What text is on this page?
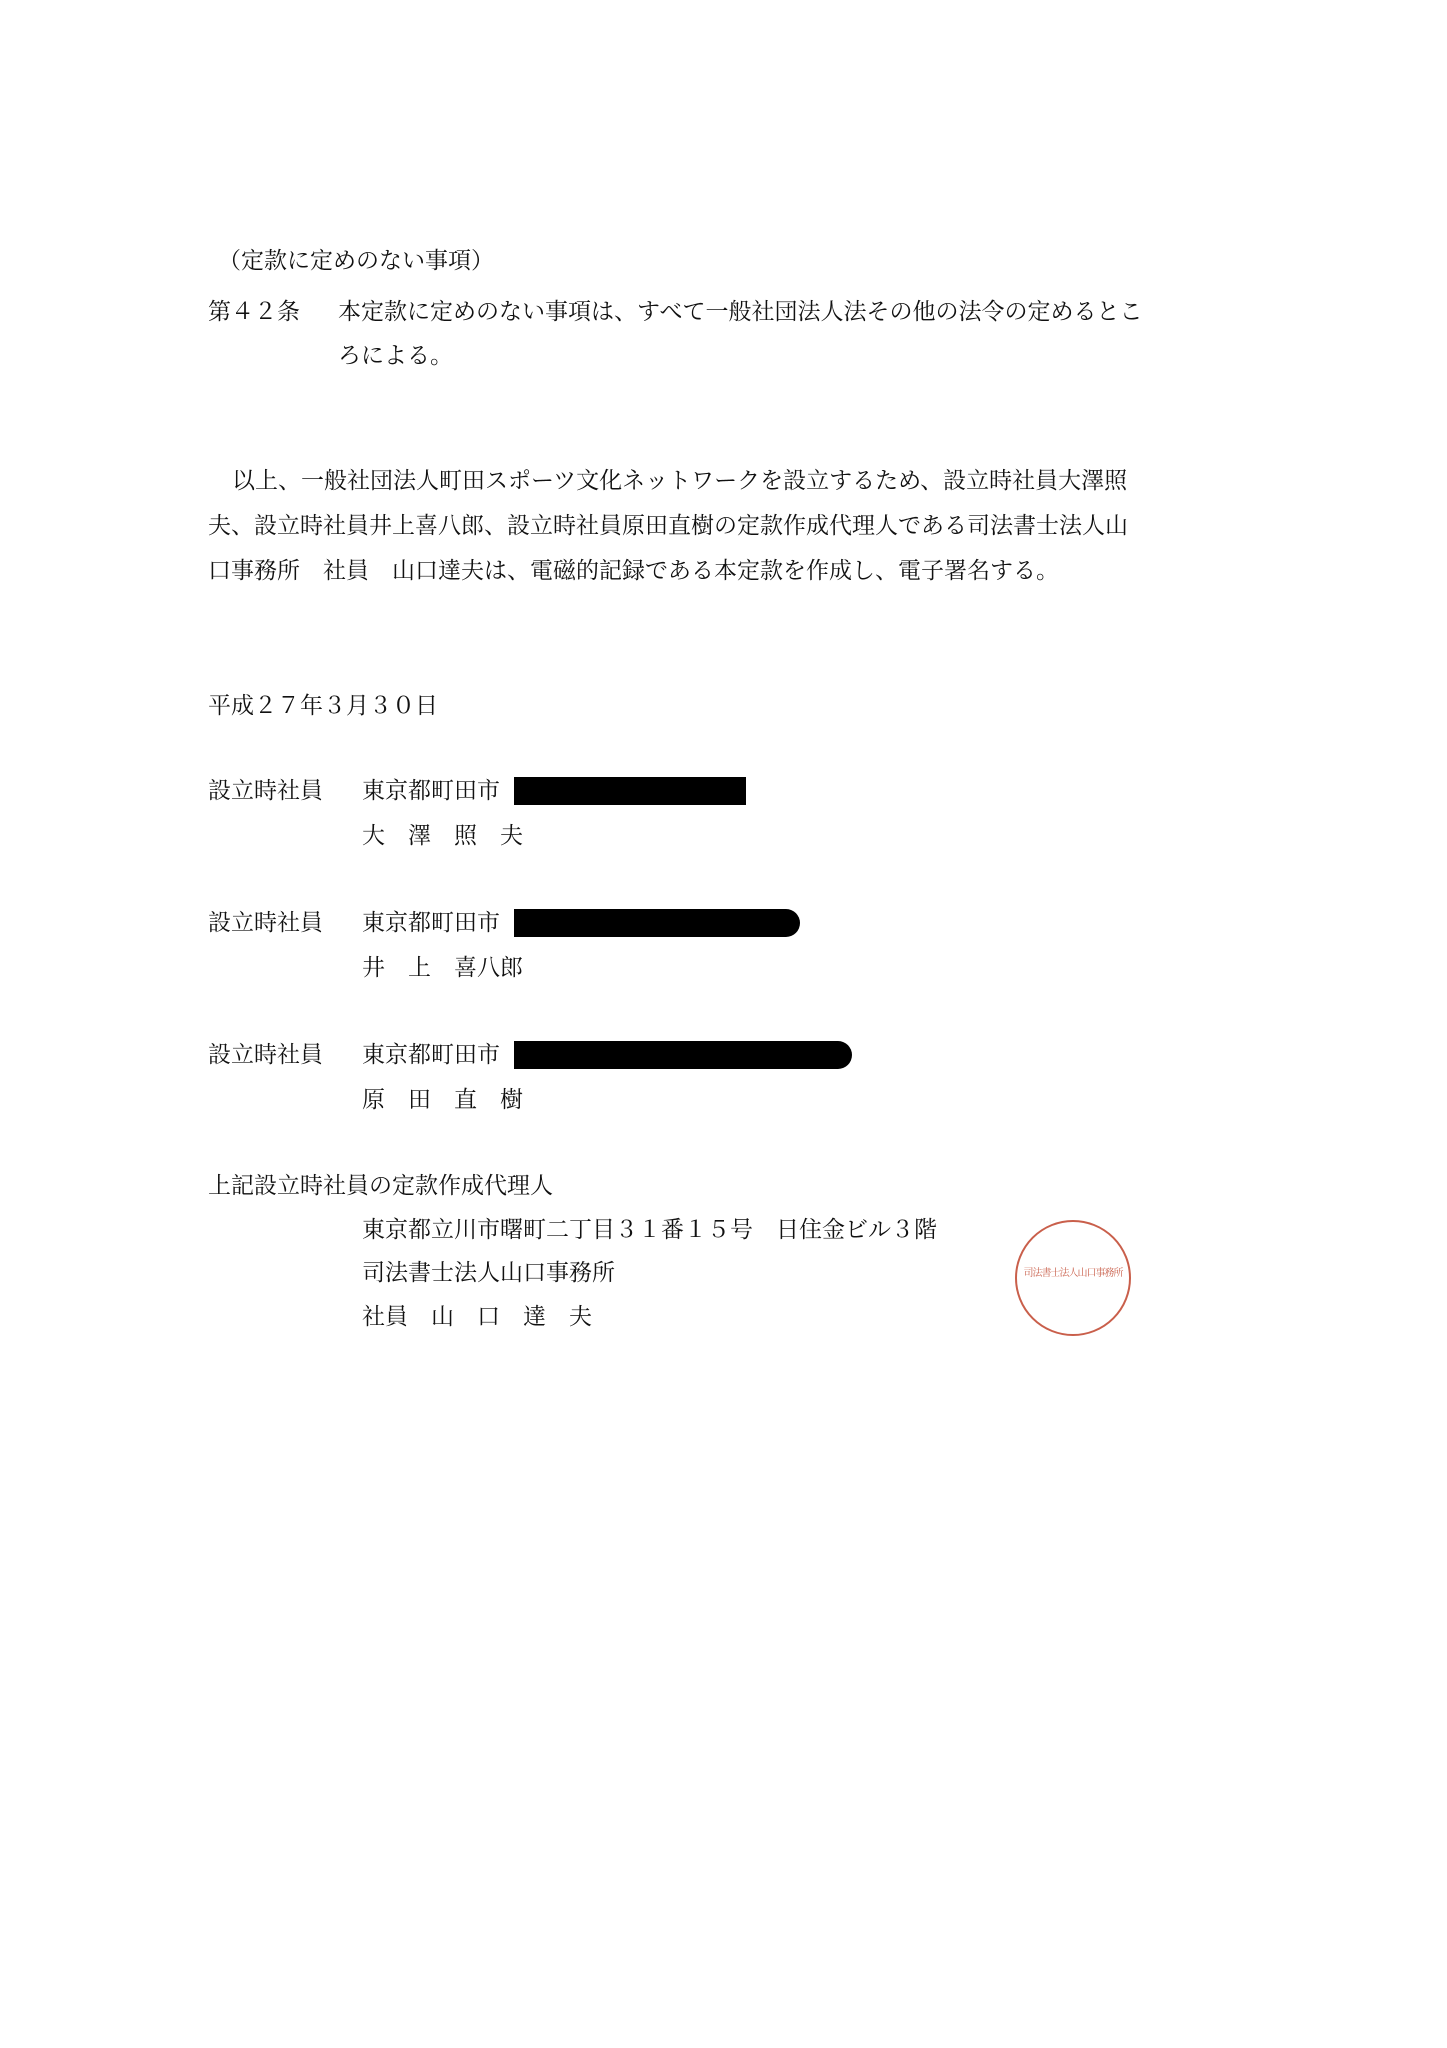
（定款に定めのない事項）
第４２条 本定款に定めのない事項は、すべて一般社団法人法その他の法令の定めるとこ
ろによる。
以上、一般社団法人町田スポーツ文化ネットワークを設立するため、設立時社員大澤照
夫、設立時社員井上喜八郎、設立時社員原田直樹の定款作成代理人である司法書士法人山
口事務所　社員　山口達夫は、電磁的記録である本定款を作成し、電子署名する。
平成２７年３月３０日
設立時社員 東京都町田市
大　澤　照　夫
設立時社員 東京都町田市
井　上　喜八郎
設立時社員 東京都町田市
原　田　直　樹
上記設立時社員の定款作成代理人
東京都立川市曙町二丁目３１番１５号　日住金ビル３階
司法書士法人山口事務所
社員　山　口　達　夫
司法書士法人山口事務所
